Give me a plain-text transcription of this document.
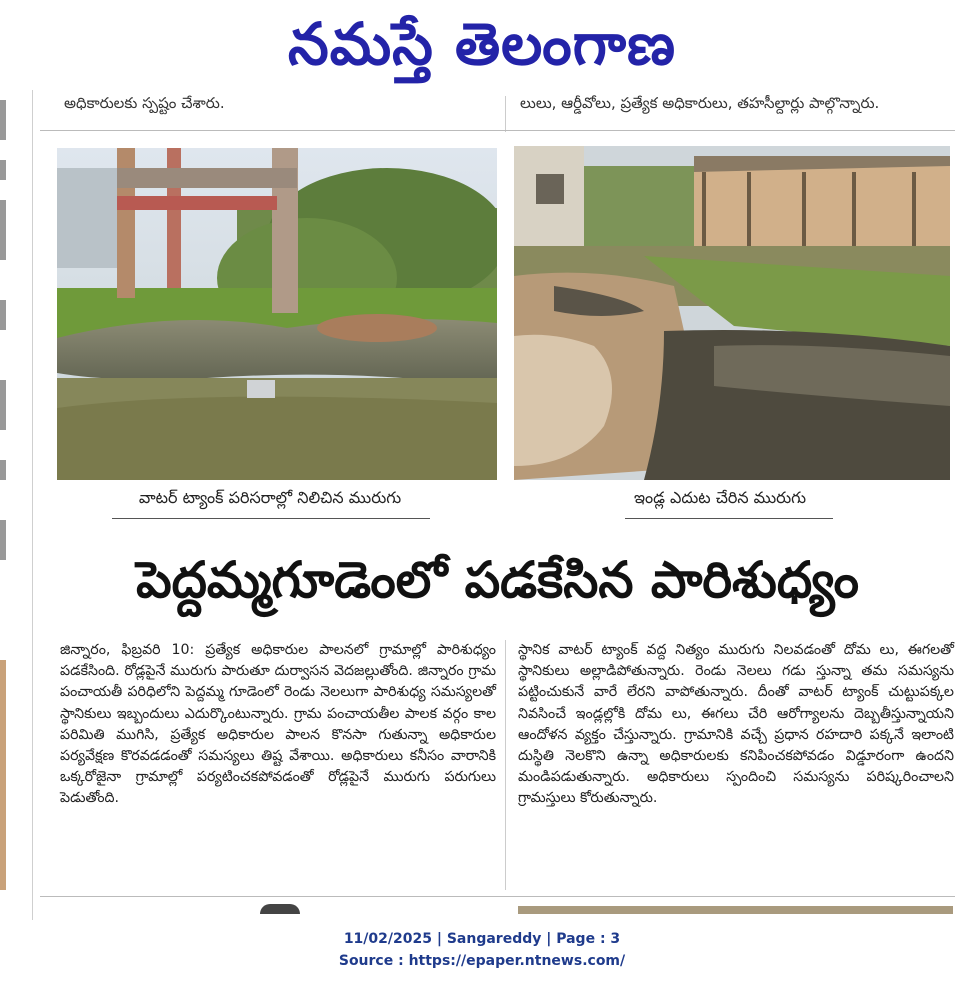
నమస్తే తెలంగాణ
అధికారులకు స్పష్టం చేశారు.	లులు, ఆర్డీవోలు, ప్రత్యేక అధికారులు, తహసీల్దార్లు పాల్గొన్నారు.
వాటర్ ట్యాంక్ పరిసరాల్లో నిలిచిన మురుగు	ఇండ్ల ఎదుట చేరిన మురుగు
పెద్దమ్మగూడెంలో పడకేసిన పారిశుధ్యం

జిన్నారం, ఫిబ్రవరి 10: ప్రత్యేక అధికారుల పాలనలో గ్రామాల్లో పారిశుధ్యం పడకేసింది. రోడ్లపైనే మురుగు పారుతూ దుర్వాసన వెదజల్లుతోంది. జిన్నారం గ్రామ పంచాయతీ పరిధిలోని పెద్దమ్మ గూడెంలో రెండు నెలలుగా పారిశుధ్య సమస్యలతో స్థానికులు ఇబ్బందులు ఎదుర్కొంటున్నారు. గ్రామ పంచాయతీల పాలక వర్గం కాల పరిమితి ముగిసి, ప్రత్యేక అధికారుల పాలన కొనసా గుతున్నా అధికారుల పర్యవేక్షణ కొరవడడంతో సమస్యలు తిష్ట వేశాయి. అధికారులు కనీసం వారానికి ఒక్కరోజైనా గ్రామాల్లో పర్యటించకపోవడంతో రోడ్లపైనే మురుగు పరుగులు పెడుతోంది.

స్థానిక వాటర్ ట్యాంక్ వద్ద నిత్యం మురుగు నిలవడంతో దోమ లు, ఈగలతో స్థానికులు అల్లాడిపోతున్నారు. రెండు నెలలు గడు స్తున్నా తమ సమస్యను పట్టించుకునే వారే లేరని వాపోతున్నారు. దీంతో వాటర్ ట్యాంక్ చుట్టుపక్కల నివసించే ఇండ్లల్లోకి దోమ లు, ఈగలు చేరి ఆరోగ్యాలను దెబ్బతీస్తున్నాయని ఆందోళన వ్యక్తం చేస్తున్నారు. గ్రామానికి వచ్చే ప్రధాన రహదారి పక్కనే ఇలాంటి దుస్థితి నెలకొని ఉన్నా అధికారులకు కనిపించకపోవడం విడ్డూరంగా ఉందని మండిపడుతున్నారు. అధికారులు స్పందించి సమస్యను పరిష్కరించాలని గ్రామస్తులు కోరుతున్నారు.

11/02/2025 | Sangareddy | Page : 3
Source : https://epaper.ntnews.com/
